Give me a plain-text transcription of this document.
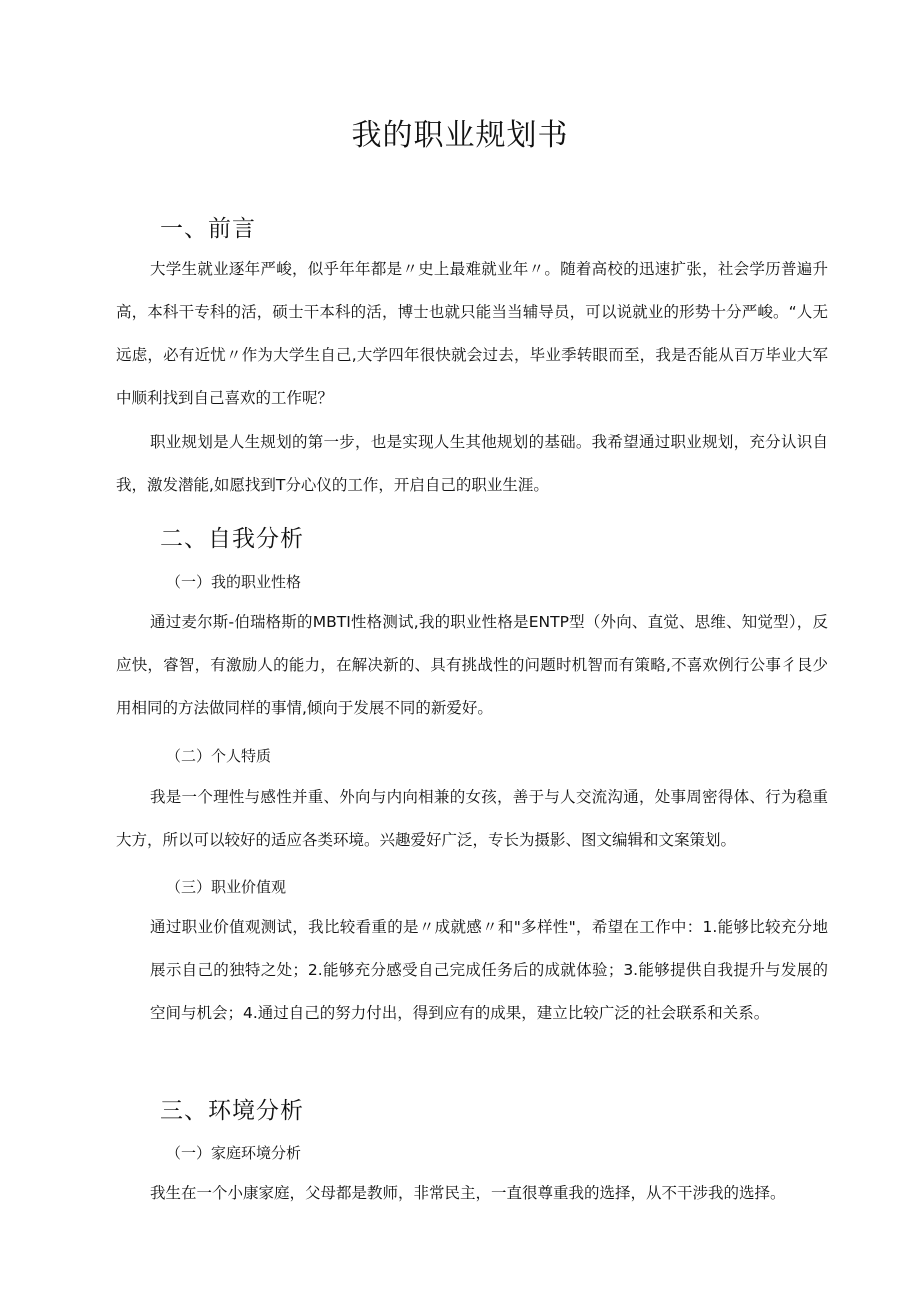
我的职业规划书
一、前言

大学生就业逐年严峻，似乎年年都是〃史上最难就业年〃。随着高校的迅速扩张，社会学历普遍升高，本科干专科的活，硕士干本科的活，博士也就只能当当辅导员，可以说就业的形势十分严峻。“人无远虑，必有近忧〃作为大学生自己,大学四年很快就会过去，毕业季转眼而至，我是否能从百万毕业大军中顺利找到自己喜欢的工作呢？

职业规划是人生规划的第一步，也是实现人生其他规划的基础。我希望通过职业规划，充分认识自我，激发潜能,如愿找到T分心仪的工作，开启自己的职业生涯。

二、自我分析
（一）我的职业性格

通过麦尔斯-伯瑞格斯的MBTI性格测试,我的职业性格是ENTP型（外向、直觉、思维、知觉型），反应快，睿智，有激励人的能力，在解决新的、具有挑战性的问题时机智而有策略,不喜欢例行公事彳艮少用相同的方法做同样的事情,倾向于发展不同的新爱好。

（二）个人特质

我是一个理性与感性并重、外向与内向相兼的女孩，善于与人交流沟通，处事周密得体、行为稳重大方，所以可以较好的适应各类环境。兴趣爱好广泛，专长为摄影、图文编辑和文案策划。

（三）职业价值观

通过职业价值观测试，我比较看重的是〃成就感〃和"多样性"，希望在工作中：1.能够比较充分地展示自己的独特之处；2.能够充分感受自己完成任务后的成就体验；3.能够提供自我提升与发展的空间与机会；4.通过自己的努力付出，得到应有的成果，建立比较广泛的社会联系和关系。

三、环境分析
（一）家庭环境分析

我生在一个小康家庭，父母都是教师，非常民主，一直很尊重我的选择，从不干涉我的选择。
